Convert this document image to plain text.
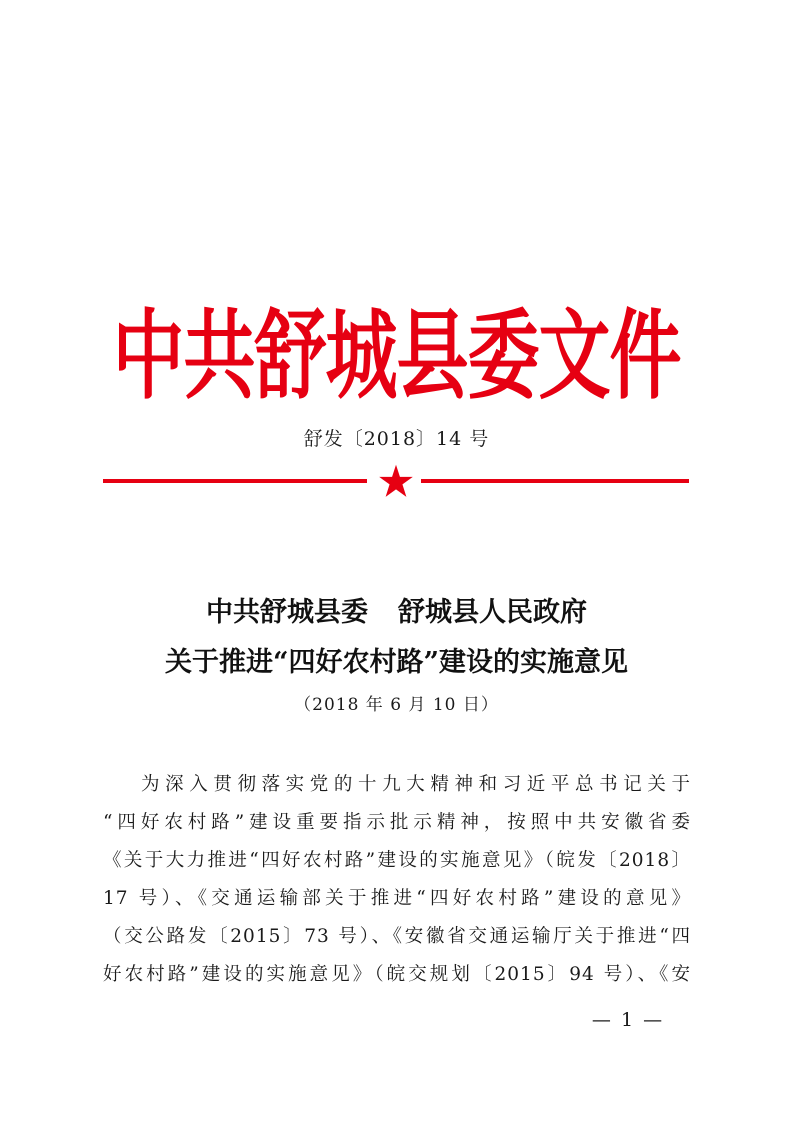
中共舒城县委文件
舒发〔2018〕14 号
中共舒城县委 舒城县人民政府
关于推进“四好农村路”建设的实施意见
（2018 年 6 月 10 日）
为深入贯彻落实党的十九大精神和习近平总书记关于
“四好农村路”建设重要指示批示精神，按照中共安徽省委
《关于大力推进“四好农村路”建设的实施意见》（皖发〔2018〕
17 号）、《交通运输部关于推进“四好农村路”建设的意见》
（交公路发〔2015〕73 号）、《安徽省交通运输厅关于推进“四
好农村路”建设的实施意见》（皖交规划〔2015〕94 号）、《安
— 1 —
